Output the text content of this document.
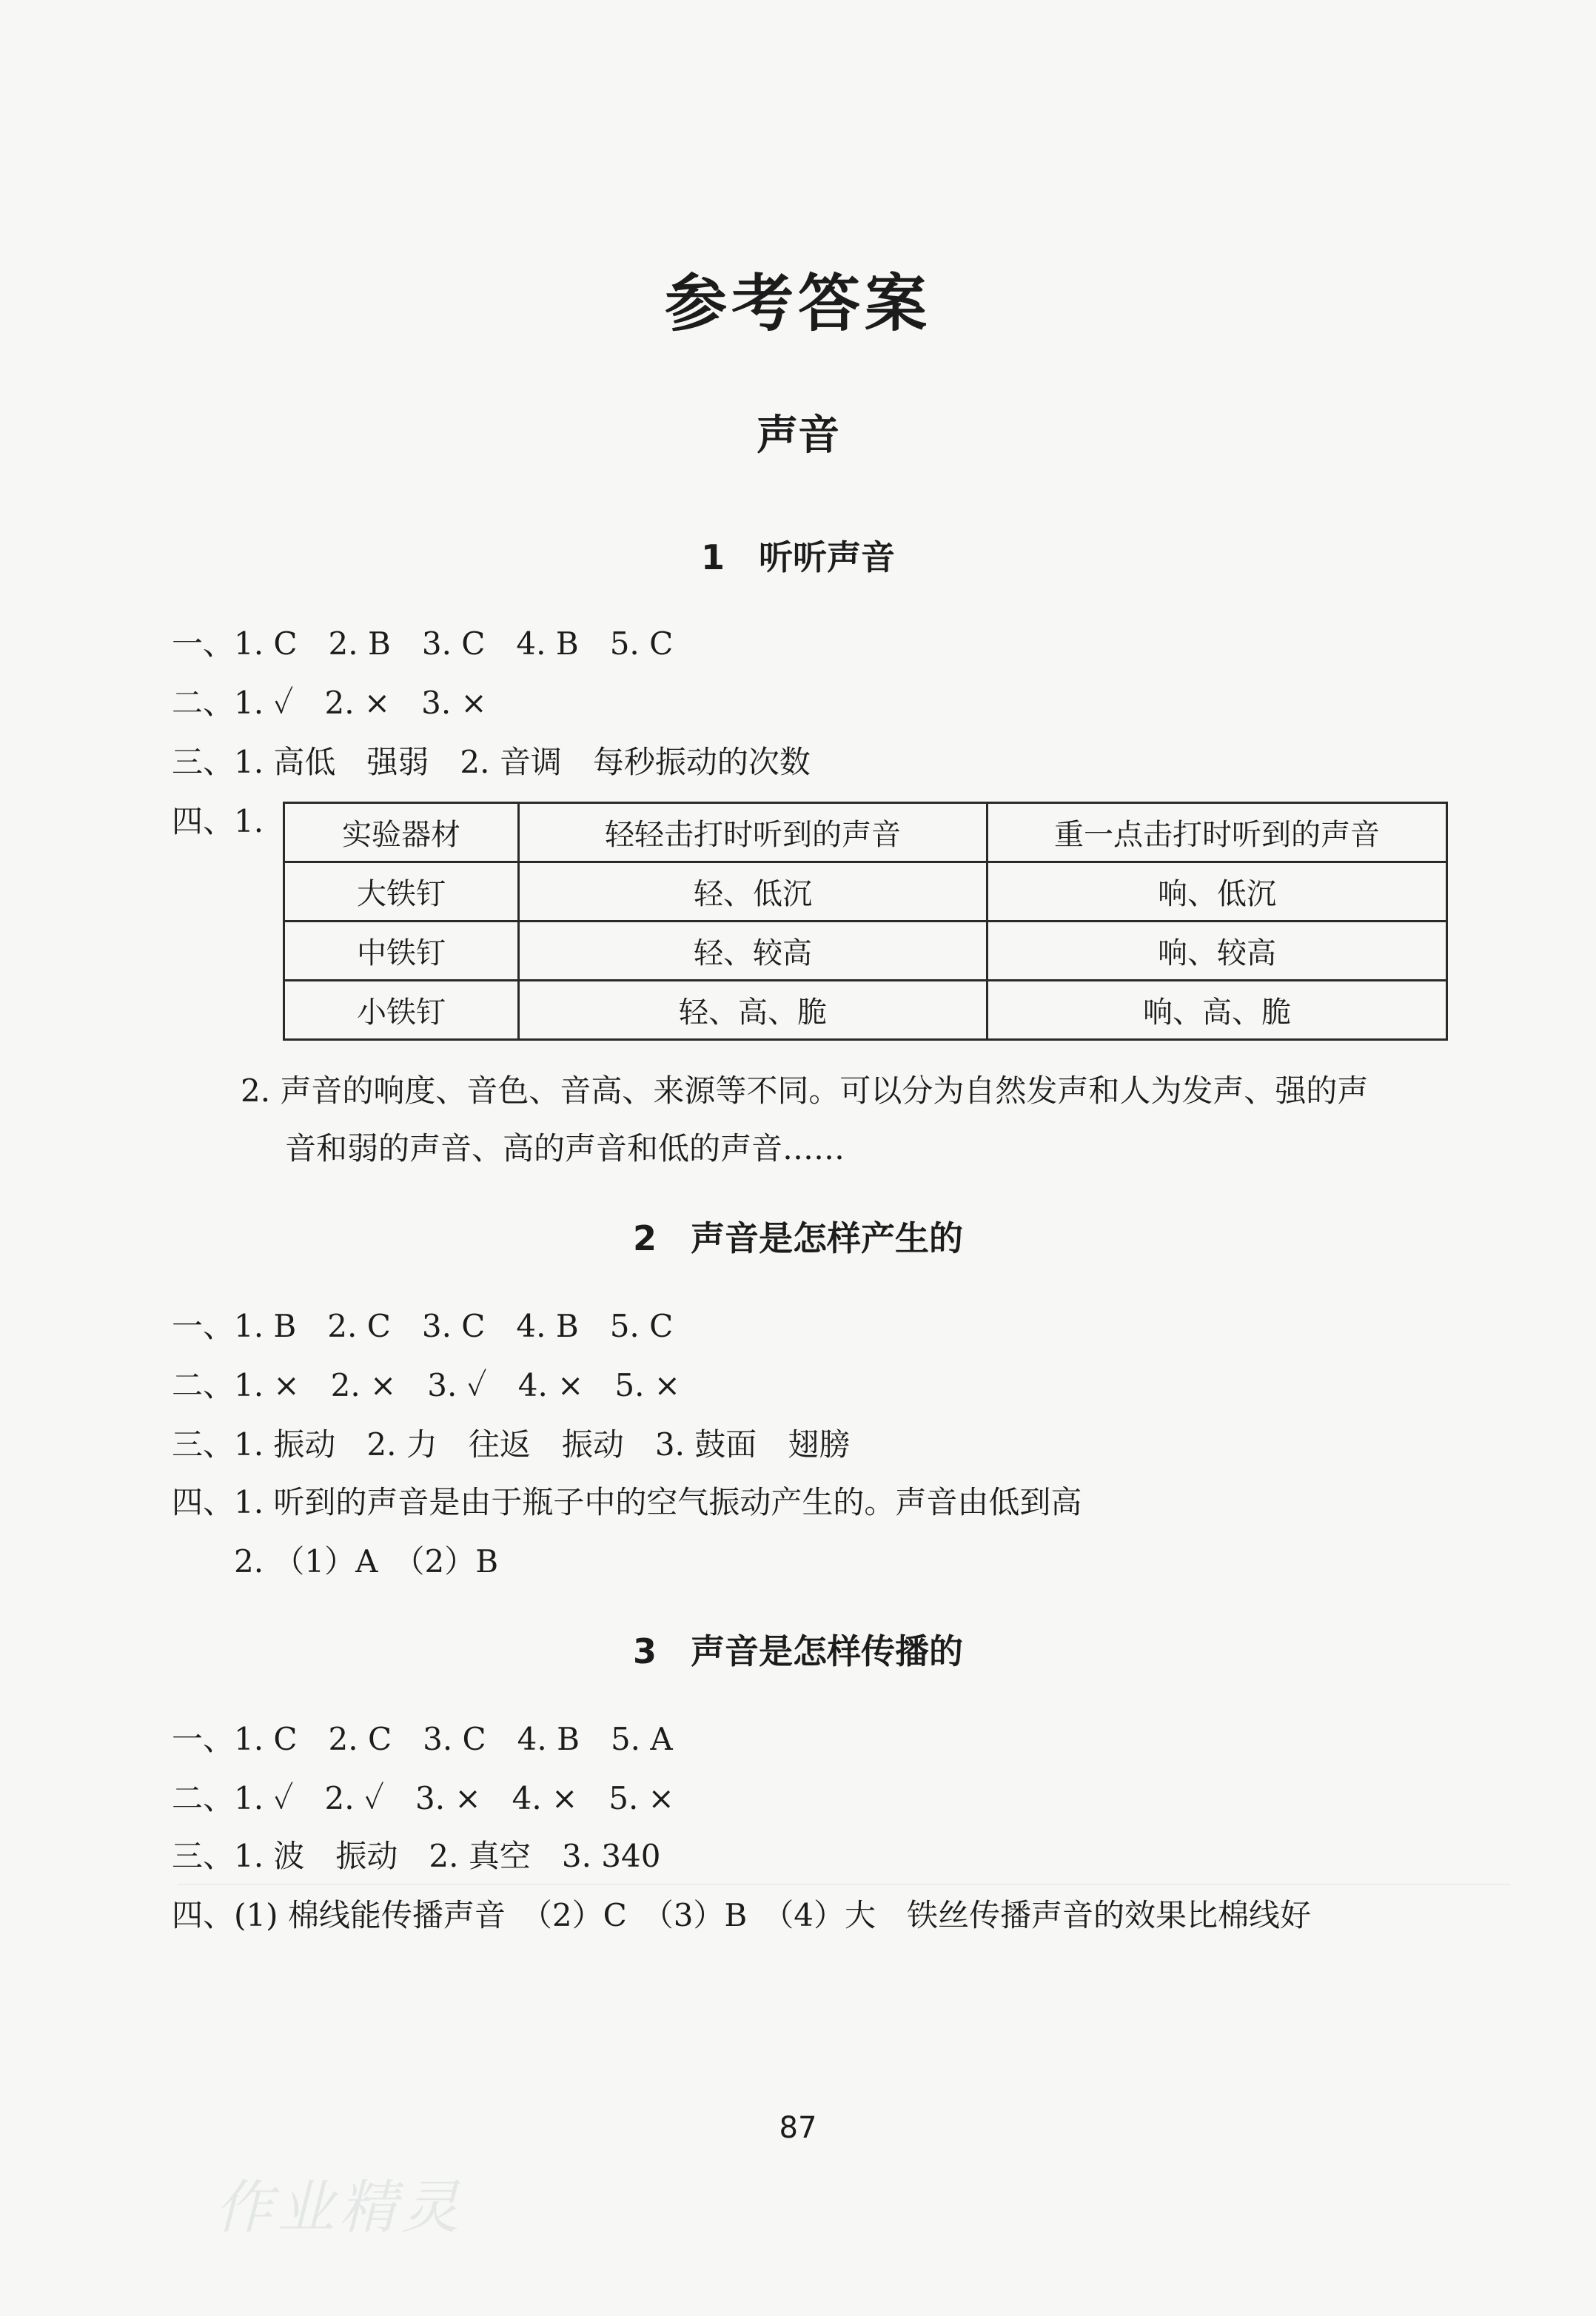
参考答案
声音
1　听听声音
一、1. C　2. B　3. C　4. B　5. C
二、1. ✓　2. ×　3. ×
三、1. 高低　强弱　2. 音调　每秒振动的次数
四、1.	实验器材	轻轻击打时听到的声音	重一点击打时听到的声音
大铁钉	轻、低沉	响、低沉
中铁钉	轻、较高	响、较高
小铁钉	轻、高、脆	响、高、脆
2. 声音的响度、音色、音高、来源等不同。可以分为自然发声和人为发声、强的声
音和弱的声音、高的声音和低的声音……
2　声音是怎样产生的
一、1. B　2. C　3. C　4. B　5. C
二、1. ×　2. ×　3. ✓　4. ×　5. ×
三、1. 振动　2. 力　往返　振动　3. 鼓面　翅膀
四、1. 听到的声音是由于瓶子中的空气振动产生的。声音由低到高
　　2. （1）A　（2）B
3　声音是怎样传播的
一、1. C　2. C　3. C　4. B　5. A
二、1. ✓　2. ✓　3. ×　4. ×　5. ×
三、1. 波　振动　2. 真空　3. 340
四、(1) 棉线能传播声音　（2）C　（3）B　（4）大　铁丝传播声音的效果比棉线好
87
作业精灵
